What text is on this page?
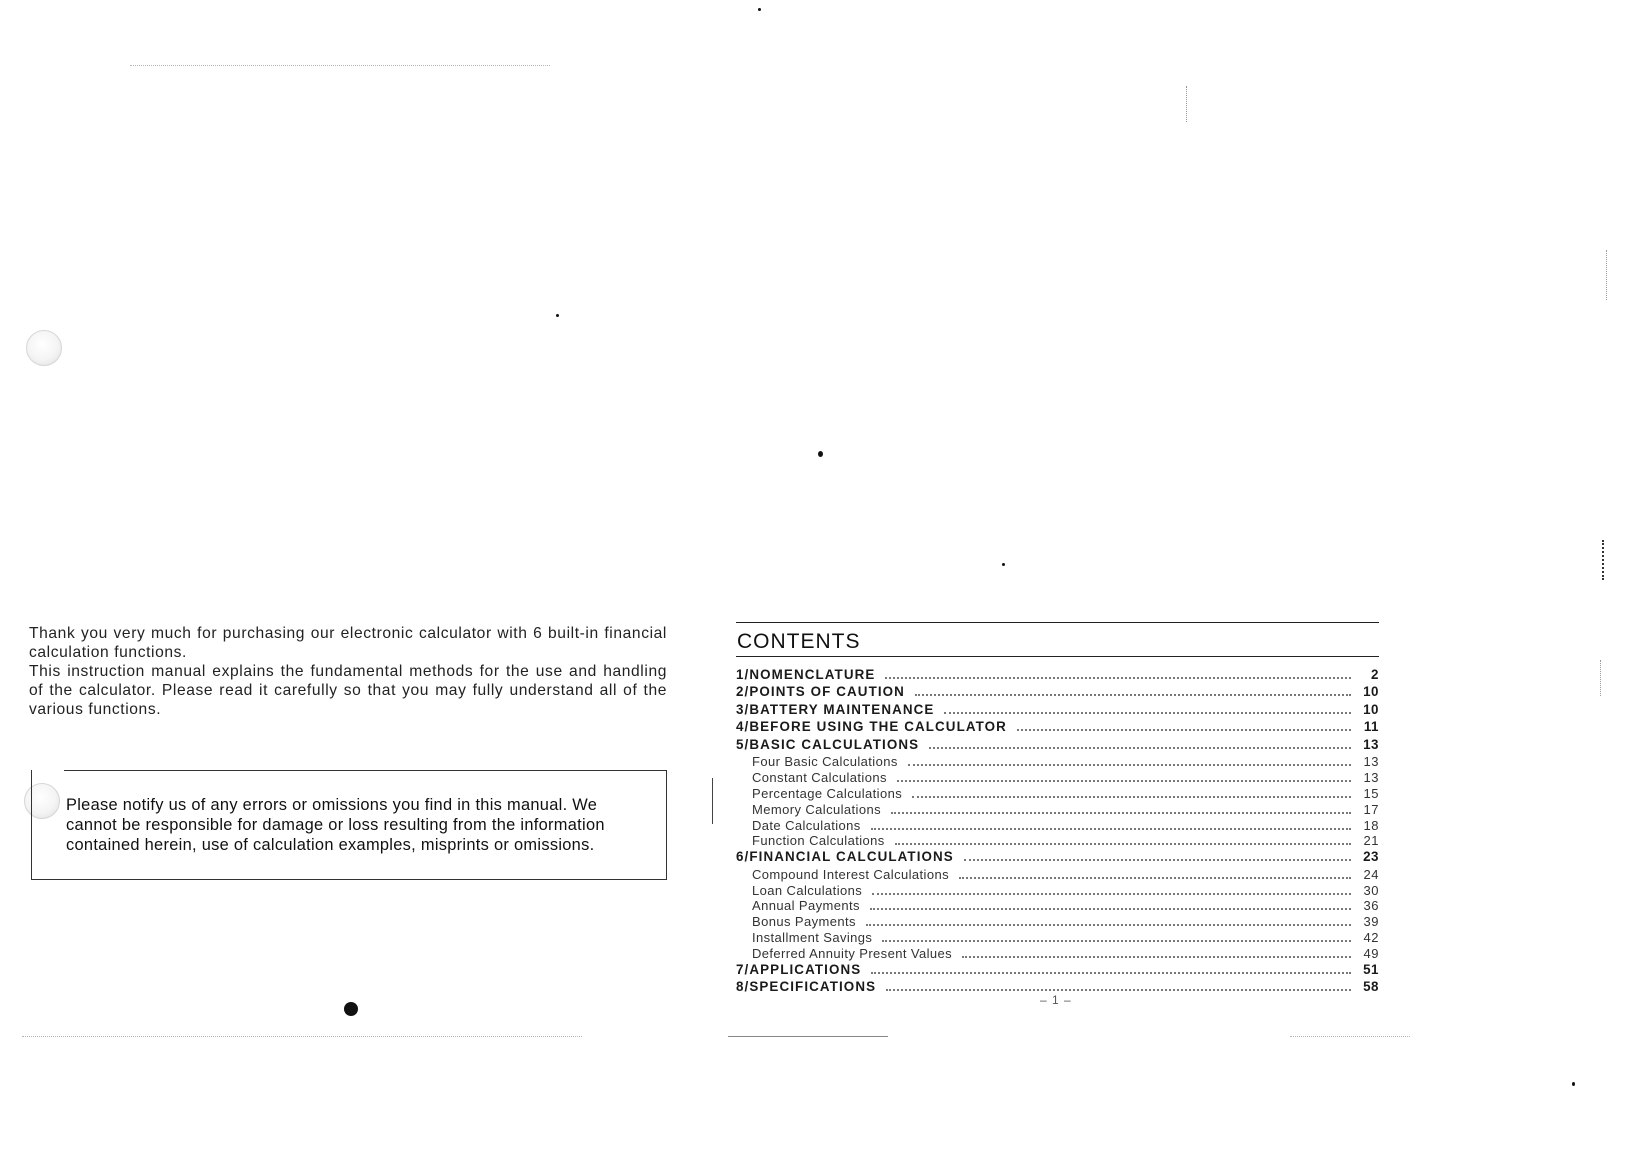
Thank you very much for purchasing our electronic calculator with 6 built-in financial calculation functions.

This instruction manual explains the fundamental methods for the use and handling of the calculator. Please read it carefully so that you may fully understand all of the various functions.

Please notify us of any errors or omissions you find in this manual. We

cannot be responsible for damage or loss resulting from the information

contained herein, use of calculation examples, misprints or omissions.

CONTENTS
1/NOMENCLATURE	2
2/POINTS OF CAUTION	10
3/BATTERY MAINTENANCE	10
4/BEFORE USING THE CALCULATOR	11
5/BASIC CALCULATIONS	13
Four Basic Calculations	13
Constant Calculations	13
Percentage Calculations	15
Memory Calculations	17
Date Calculations	18
Function Calculations	21
6/FINANCIAL CALCULATIONS	23
Compound Interest Calculations	24
Loan Calculations	30
Annual Payments	36
Bonus Payments	39
Installment Savings	42
Deferred Annuity Present Values	49
7/APPLICATIONS	51
8/SPECIFICATIONS	58
– 1 –
